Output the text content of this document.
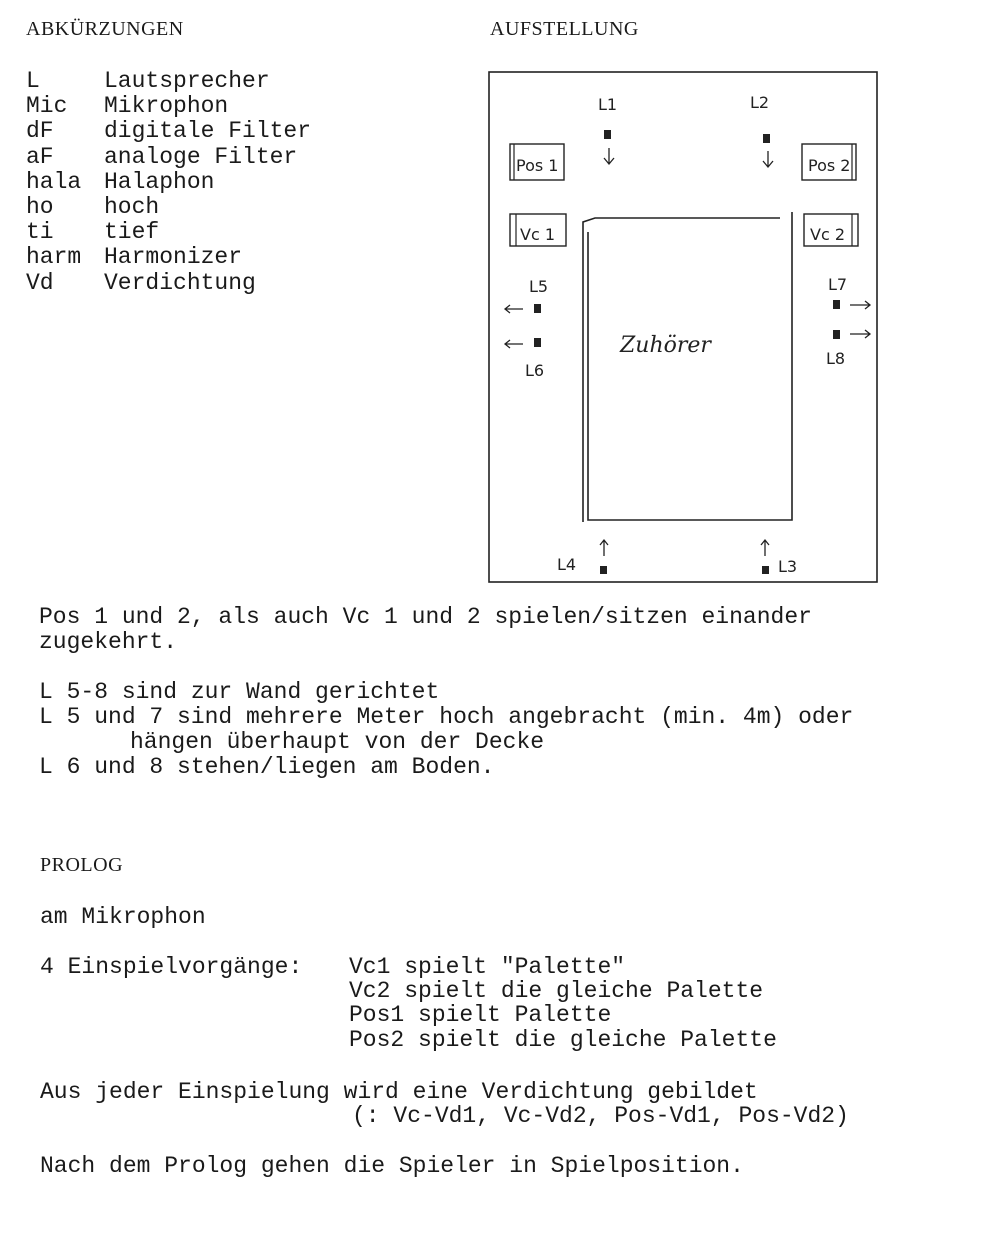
ABKÜRZUNGEN
L	Lautsprecher
Mic Mikrophon
dF digitale Filter
aF analoge Filter
hala Halaphon
ho hoch
ti tief
harm Harmonizer
Vd Verdichtung
AUFSTELLUNG
Zuhörer
Pos 1	Pos 2
Vc 1	Vc 2
L1	L2
L5
L6
L7
L8
L4	L3
Pos 1 und 2, als auch Vc 1 und 2 spielen/sitzen einander
zugekehrt.
L 5-8 sind zur Wand gerichtet
L 5 und 7 sind mehrere Meter hoch angebracht (min. 4m) oder
hängen überhaupt von der Decke
L 6 und 8 stehen/liegen am Boden.
PROLOG
am Mikrophon
4 Einspielvorgänge: Vc1 spielt "Palette"
Vc2 spielt die gleiche Palette
Pos1 spielt Palette
Pos2 spielt die gleiche Palette
Aus jeder Einspielung wird eine Verdichtung gebildet
(: Vc-Vd1, Vc-Vd2, Pos-Vd1, Pos-Vd2)
Nach dem Prolog gehen die Spieler in Spielposition.
